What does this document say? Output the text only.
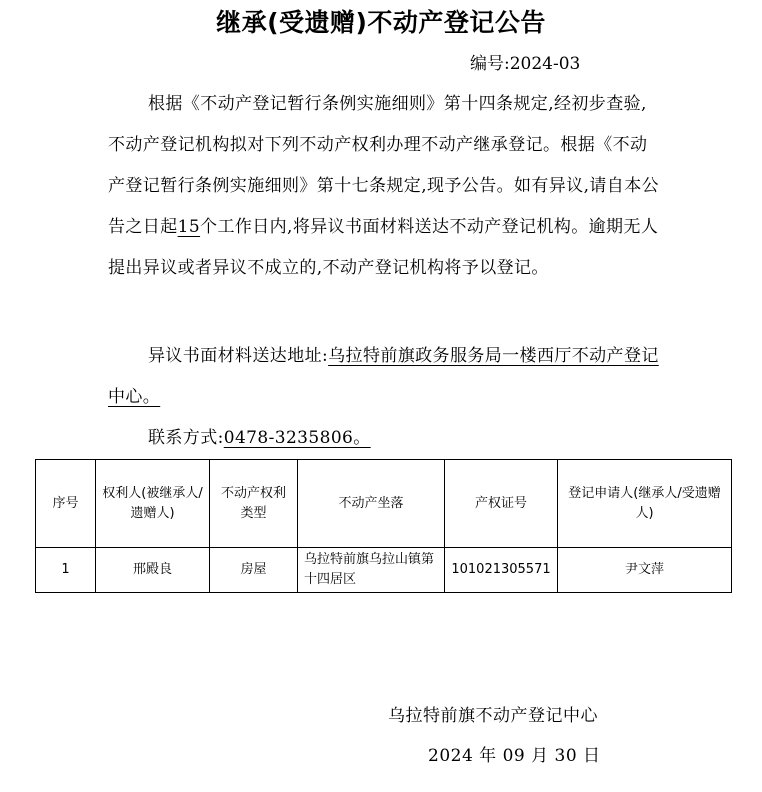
继承(受遗赠)不动产登记公告
编号:2024-03
根据《不动产登记暂行条例实施细则》第十四条规定,经初步查验,不动产登记机构拟对下列不动产权利办理不动产继承登记。根据《不动产登记暂行条例实施细则》第十七条规定,现予公告。如有异议,请自本公告之日起15个工作日内,将异议书面材料送达不动产登记机构。逾期无人提出异议或者异议不成立的,不动产登记机构将予以登记。
异议书面材料送达地址:乌拉特前旗政务服务局一楼西厅不动产登记中心。
联系方式:0478-3235806。
序号	权利人(被继承人/遗赠人)	不动产权利类型	不动产坐落	产权证号	登记申请人(继承人/受遗赠人)
1	邢殿良	房屋	乌拉特前旗乌拉山镇第十四居区	101021305571	尹文萍
乌拉特前旗不动产登记中心
2024 年 09 月 30 日
